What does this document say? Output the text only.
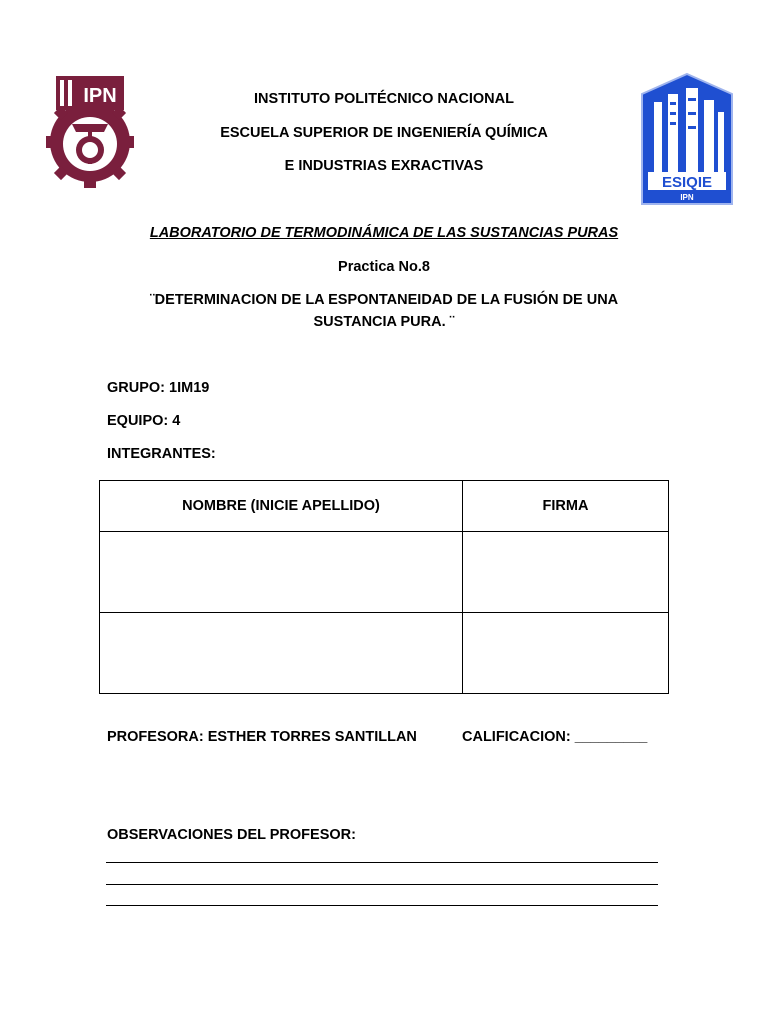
IPN
ESIQIE
IPN
INSTITUTO POLITÉCNICO NACIONAL
ESCUELA SUPERIOR DE INGENIERÍA QUÍMICA
E INDUSTRIAS EXRACTIVAS
LABORATORIO DE TERMODINÁMICA DE LAS SUSTANCIAS PURAS
Practica No.8
¨DETERMINACION DE LA ESPONTANEIDAD DE LA FUSIÓN DE UNA
SUSTANCIA PURA. ¨
GRUPO: 1IM19
EQUIPO: 4
INTEGRANTES:
NOMBRE (INICIE APELLIDO)	FIRMA

PROFESORA: ESTHER TORRES SANTILLAN	CALIFICACION: _________
OBSERVACIONES DEL PROFESOR:
